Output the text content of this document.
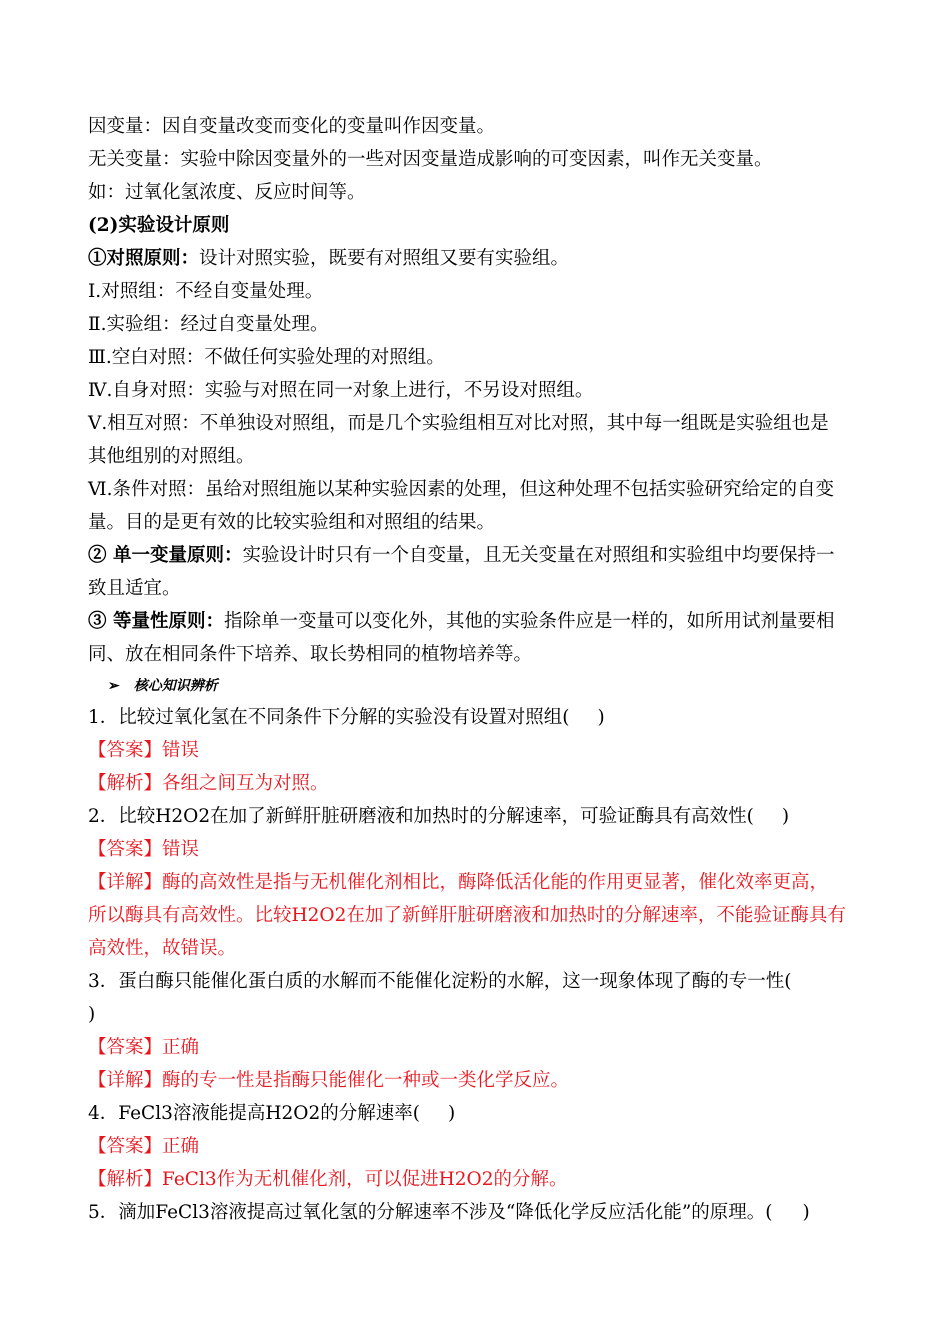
因变量：因自变量改变而变化的变量叫作因变量。
无关变量：实验中除因变量外的一些对因变量造成影响的可变因素，叫作无关变量。
如：过氧化氢浓度、反应时间等。
(2)实验设计原则
①对照原则：设计对照实验，既要有对照组又要有实验组。
Ⅰ.对照组：不经自变量处理。
Ⅱ.实验组：经过自变量处理。
Ⅲ.空白对照：不做任何实验处理的对照组。
Ⅳ.自身对照：实验与对照在同一对象上进行，不另设对照组。
Ⅴ.相互对照：不单独设对照组，而是几个实验组相互对比对照，其中每一组既是实验组也是
其他组别的对照组。
Ⅵ.条件对照：虽给对照组施以某种实验因素的处理，但这种处理不包括实验研究给定的自变
量。目的是更有效的比较实验组和对照组的结果。
② 单一变量原则：实验设计时只有一个自变量，且无关变量在对照组和实验组中均要保持一
致且适宜。
③ 等量性原则：指除单一变量可以变化外，其他的实验条件应是一样的，如所用试剂量要相
同、放在相同条件下培养、取长势相同的植物培养等。
➢ 核心知识辨析
1．比较过氧化氢在不同条件下分解的实验没有设置对照组( )
【答案】错误
【解析】各组之间互为对照。
2．比较H2O2在加了新鲜肝脏研磨液和加热时的分解速率，可验证酶具有高效性( )
【答案】错误
【详解】酶的高效性是指与无机催化剂相比，酶降低活化能的作用更显著，催化效率更高，
所以酶具有高效性。比较H2O2在加了新鲜肝脏研磨液和加热时的分解速率，不能验证酶具有
高效性，故错误。
3．蛋白酶只能催化蛋白质的水解而不能催化淀粉的水解，这一现象体现了酶的专一性(
)
【答案】正确
【详解】酶的专一性是指酶只能催化一种或一类化学反应。
4．FeCl3溶液能提高H2O2的分解速率( )
【答案】正确
【解析】FeCl3作为无机催化剂，可以促进H2O2的分解。
5．滴加FeCl3溶液提高过氧化氢的分解速率不涉及“降低化学反应活化能”的原理。( )
